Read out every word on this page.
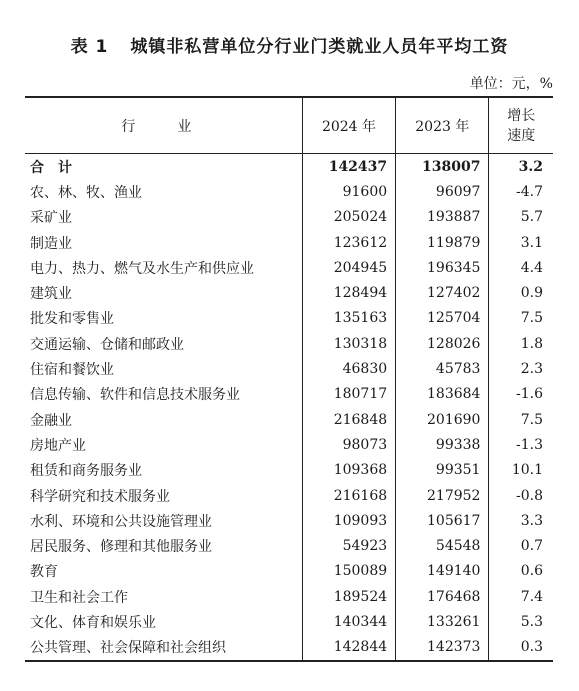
表 1 城镇非私营单位分行业门类就业人员年平均工资
单位：元，%
行　业	2024 年	2023 年	增长
速度
合计	142437	138007	3.2
农、林、牧、渔业	91600	96097	-4.7
采矿业	205024	193887	5.7
制造业	123612	119879	3.1
电力、热力、燃气及水生产和供应业	204945	196345	4.4
建筑业	128494	127402	0.9
批发和零售业	135163	125704	7.5
交通运输、仓储和邮政业	130318	128026	1.8
住宿和餐饮业	46830	45783	2.3
信息传输、软件和信息技术服务业	180717	183684	-1.6
金融业	216848	201690	7.5
房地产业	98073	99338	-1.3
租赁和商务服务业	109368	99351	10.1
科学研究和技术服务业	216168	217952	-0.8
水利、环境和公共设施管理业	109093	105617	3.3
居民服务、修理和其他服务业	54923	54548	0.7
教育	150089	149140	0.6
卫生和社会工作	189524	176468	7.4
文化、体育和娱乐业	140344	133261	5.3
公共管理、社会保障和社会组织	142844	142373	0.3
